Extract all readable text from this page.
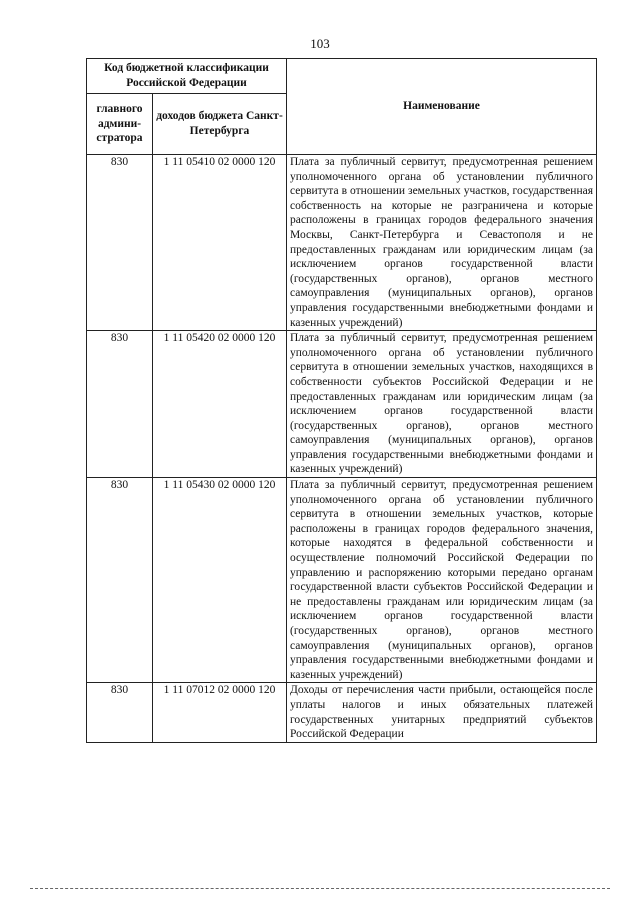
103
Код бюджетной классификации Российской Федерации		Наименование
главного админи-стратора	доходов бюджета Санкт-Петербурга	
830	1 11 05410 02 0000 120	Плата за публичный сервитут, предусмотренная решением уполномоченного органа об установлении публичного сервитута в отношении земельных участков, государственная собственность на которые не разграничена и которые расположены в границах городов федерального значения Москвы, Санкт-Петербурга и Севастополя и не предоставленных гражданам или юридическим лицам (за исключением органов государственной власти (государственных органов), органов местного самоуправления (муниципальных органов), органов управления государственными внебюджетными фондами и казенных учреждений)
830	1 11 05420 02 0000 120	Плата за публичный сервитут, предусмотренная решением уполномоченного органа об установлении публичного сервитута в отношении земельных участков, находящихся в собственности субъектов Российской Федерации и не предоставленных гражданам или юридическим лицам (за исключением органов государственной власти (государственных органов), органов местного самоуправления (муниципальных органов), органов управления государственными внебюджетными фондами и казенных учреждений)
830	1 11 05430 02 0000 120	Плата за публичный сервитут, предусмотренная решением уполномоченного органа об установлении публичного сервитута в отношении земельных участков, которые расположены в границах городов федерального значения, которые находятся в федеральной собственности и осуществление полномочий Российской Федерации по управлению и распоряжению которыми передано органам государственной власти субъектов Российской Федерации и не предоставлены гражданам или юридическим лицам (за исключением органов государственной власти (государственных органов), органов местного самоуправления (муниципальных органов), органов управления государственными внебюджетными фондами и казенных учреждений)
830	1 11 07012 02 0000 120	Доходы от перечисления части прибыли, остающейся после уплаты налогов и иных обязательных платежей государственных унитарных предприятий субъектов Российской Федерации
